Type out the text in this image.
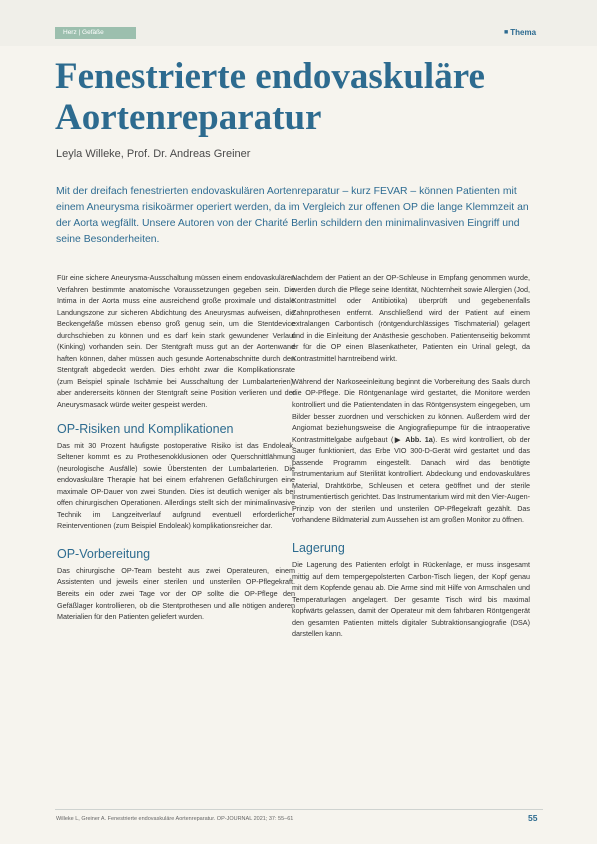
Herz | Gefäße	■ Thema
Fenestrierte endovaskuläre Aortenreparatur
Leyla Willeke, Prof. Dr. Andreas Greiner
Mit der dreifach fenestrierten endovaskulären Aortenreparatur – kurz FEVAR – können Patienten mit einem Aneurysma risikoärmer operiert werden, da im Vergleich zur offenen OP die lange Klemmzeit an der Aorta wegfällt. Unsere Autoren von der Charité Berlin schildern den minimalinvasiven Eingriff und seine Besonderheiten.

Für eine sichere Aneurysma-Ausschaltung müssen einem endovaskulären Verfahren bestimmte anatomische Voraussetzungen gegeben sein. Die Intima in der Aorta muss eine ausreichend große proximale und distale Landungszone zur sicheren Abdichtung des Aneurysmas aufweisen, die Beckengefäße müssen ebenso groß genug sein, um die Stentdevice durchschieben zu können und es darf kein stark gewundener Verlauf (Kinking) vorhanden sein. Der Stentgraft muss gut an der Aortenwand haften können, daher müssen auch gesunde Aortenabschnitte durch den Stentgraft abgedeckt werden. Dies erhöht zwar die Komplikationsrate (zum Beispiel spinale Ischämie bei Ausschaltung der Lumbalarterien), aber andererseits können der Stentgraft seine Position verlieren und der Aneurysmasack würde weiter gespeist werden.

OP-Risiken und Komplikationen

Das mit 30 Prozent häufigste postoperative Risiko ist das Endoleak. Seltener kommt es zu Prothesenokklusionen oder Querschnittlähmung (neurologische Ausfälle) sowie Überstenten der Lumbalarterien. Die endovaskuläre Therapie hat bei einem erfahrenen Gefäßchirurgen eine maximale OP-Dauer von zwei Stunden. Dies ist deutlich weniger als bei offen chirurgischen Operationen. Allerdings stellt sich der minimalinvasive Technik im Langzeitverlauf aufgrund eventuell erforderlicher Reinterventionen (zum Beispiel Endoleak) komplikationsreicher dar.

OP-Vorbereitung

Das chirurgische OP-Team besteht aus zwei Operateuren, einem Assistenten und jeweils einer sterilen und unsterilen OP-Pflegekraft. Bereits ein oder zwei Tage vor der OP sollte die OP-Pflege den Gefäßlager kontrollieren, ob die Stentprothesen und alle nötigen anderen Materialien für den Patienten geliefert wurden.

Nachdem der Patient an der OP-Schleuse in Empfang genommen wurde, werden durch die Pflege seine Identität, Nüchternheit sowie Allergien (Jod, Kontrastmittel oder Antibiotika) überprüft und gegebenenfalls Zahnprothesen entfernt. Anschließend wird der Patient auf einem extralangen Carbontisch (röntgendurchlässiges Tischmaterial) gelagert und in die Einleitung der Anästhesie geschoben. Patientenseitig bekommt er für die OP einen Blasenkatheter, Patienten ein Urinal gelegt, da Kontrastmittel harntreibend wirkt.

Während der Narkoseeinleitung beginnt die Vorbereitung des Saals durch die OP-Pflege. Die Röntgenanlage wird gestartet, die Monitore werden kontrolliert und die Patientendaten in das Röntgensystem eingegeben, um Bilder besser zuordnen und verschicken zu können. Außerdem wird der Angiomat beziehungsweise die Angiografiepumpe für die intraoperative Kontrastmittelgabe aufgebaut (▶ Abb. 1a). Es wird kontrolliert, ob der Sauger funktioniert, das Erbe VIO 300-D-Gerät wird gestartet und das passende Programm eingestellt. Danach wird das benötigte Instrumentarium auf Sterilität kontrolliert. Abdeckung und endovaskuläres Material, Drahtkörbe, Schleusen et cetera geöffnet und der sterile Instrumentiertisch gerichtet. Das Instrumentarium wird mit den Vier-Augen-Prinzip von der sterilen und unsterilen OP-Pflegekraft gezählt. Das vorhandene Bildmaterial zum Aussehen ist am großen Monitor zu öffnen.

Lagerung

Die Lagerung des Patienten erfolgt in Rückenlage, er muss insgesamt mittig auf dem tempergepolsterten Carbon-Tisch liegen, der Kopf genau mit dem Kopfende genau ab. Die Arme sind mit Hilfe von Armschalen und Temperaturlagen angelagert. Der gesamte Tisch wird bis maximal kopfwärts gelassen, damit der Operateur mit dem fahrbaren Röntgengerät den gesamten Patienten mittels digitaler Subtraktionsangiografie (DSA) darstellen kann.

Willeke L, Greiner A. Fenestrierte endovaskuläre Aortenreparatur. OP-JOURNAL 2021; 37: 55–61	55
